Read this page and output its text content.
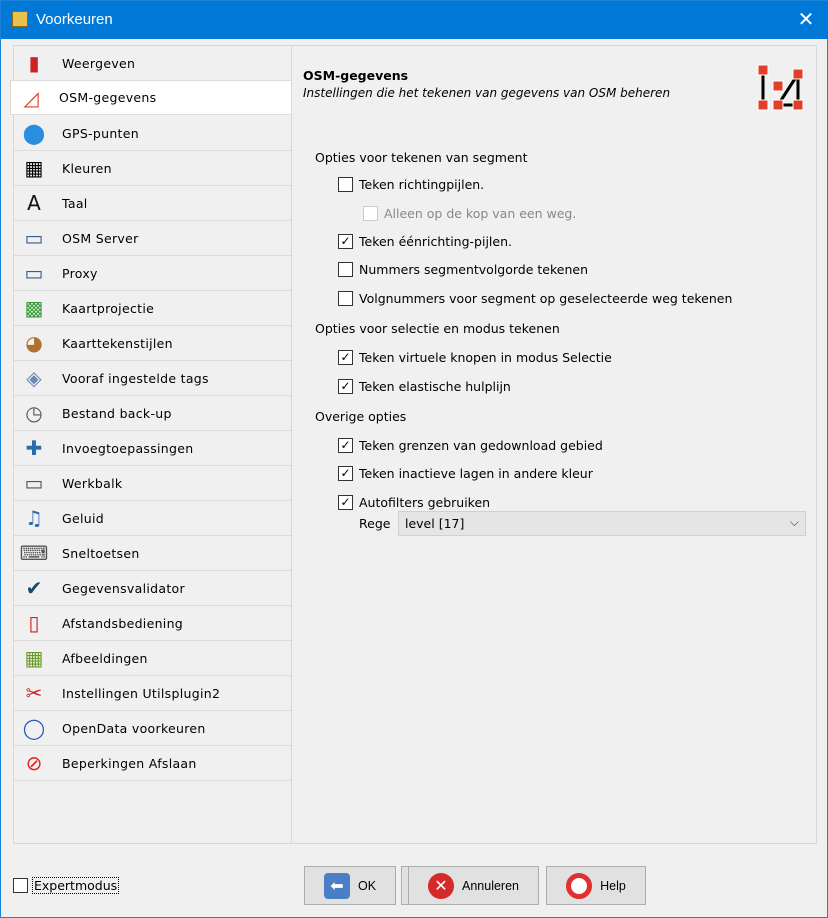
Voorkeuren	✕
▮	Weergeven
◿	OSM-gegevens
⬤ GPS-punten
▦	Kleuren
A	Taal
▭	OSM Server
▭	Proxy
▩	Kaartprojectie
◕	Kaarttekenstijlen
◈	Vooraf ingestelde tags
◷	Bestand back-up
✚	Invoegtoepassingen
▭	Werkbalk
♫	Geluid
⌨ Sneltoetsen
✔	Gegevensvalidator
▯	Afstandsbediening
▦	Afbeeldingen
✂	Instellingen Utilsplugin2
◯ OpenData voorkeuren
⊘	Beperkingen Afslaan
OSM-gegevens
Instellingen die het tekenen van gegevens van OSM beheren
Rege	level [17]	⌵
Opties voor tekenen van segment
Teken richtingpijlen.
Alleen op de kop van een weg.
✓ Teken éénrichting-pijlen.
Nummers segmentvolgorde tekenen
Volgnummers voor segment op geselecteerde weg tekenen
Opties voor selectie en modus tekenen
✓ Teken virtuele knopen in modus Selectie
✓ Teken elastische hulplijn
Overige opties
✓ Teken grenzen van gedownload gebied
✓ Teken inactieve lagen in andere kleur
✓ Autofilters gebruiken
Expertmodus	⬅	OK	✕	Annuleren	Help
